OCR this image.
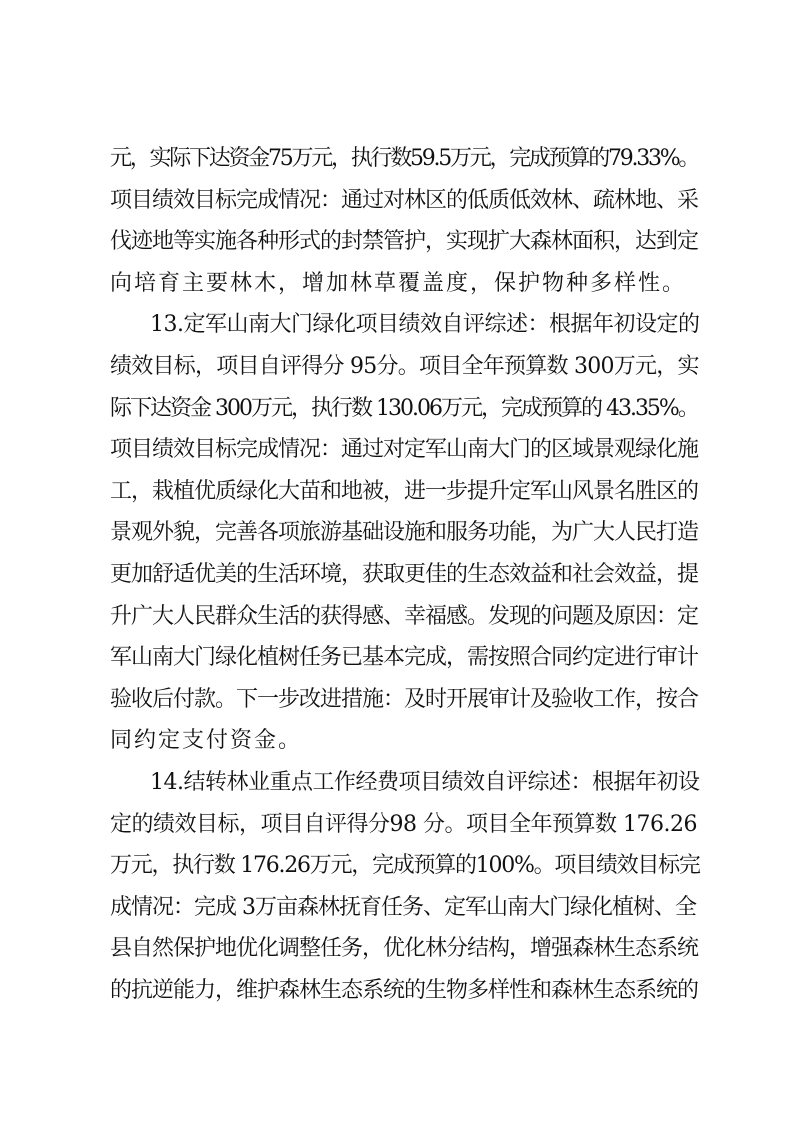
元，实际下达资金75万元，执行数59.5万元，完成预算的79.33%。
项目绩效目标完成情况：通过对林区的低质低效林、疏林地、采
伐迹地等实施各种形式的封禁管护，实现扩大森林面积，达到定
向培育主要林木，增加林草覆盖度，保护物种多样性。
13.定军山南大门绿化项目绩效自评综述：根据年初设定的
绩效目标，项目自评得分 95分。项目全年预算数 300万元，实
际下达资金 300万元，执行数 130.06万元，完成预算的 43.35%。
项目绩效目标完成情况：通过对定军山南大门的区域景观绿化施
工，栽植优质绿化大苗和地被，进一步提升定军山风景名胜区的
景观外貌，完善各项旅游基础设施和服务功能，为广大人民打造
更加舒适优美的生活环境，获取更佳的生态效益和社会效益，提
升广大人民群众生活的获得感、幸福感。发现的问题及原因：定
军山南大门绿化植树任务已基本完成，需按照合同约定进行审计
验收后付款。下一步改进措施：及时开展审计及验收工作，按合
同约定支付资金。
14.结转林业重点工作经费项目绩效自评综述：根据年初设
定的绩效目标，项目自评得分98 分。项目全年预算数 176.26
万元，执行数 176.26万元，完成预算的100%。项目绩效目标完
成情况：完成 3万亩森林抚育任务、定军山南大门绿化植树、全
县自然保护地优化调整任务，优化林分结构，增强森林生态系统
的抗逆能力，维护森林生态系统的生物多样性和森林生态系统的
